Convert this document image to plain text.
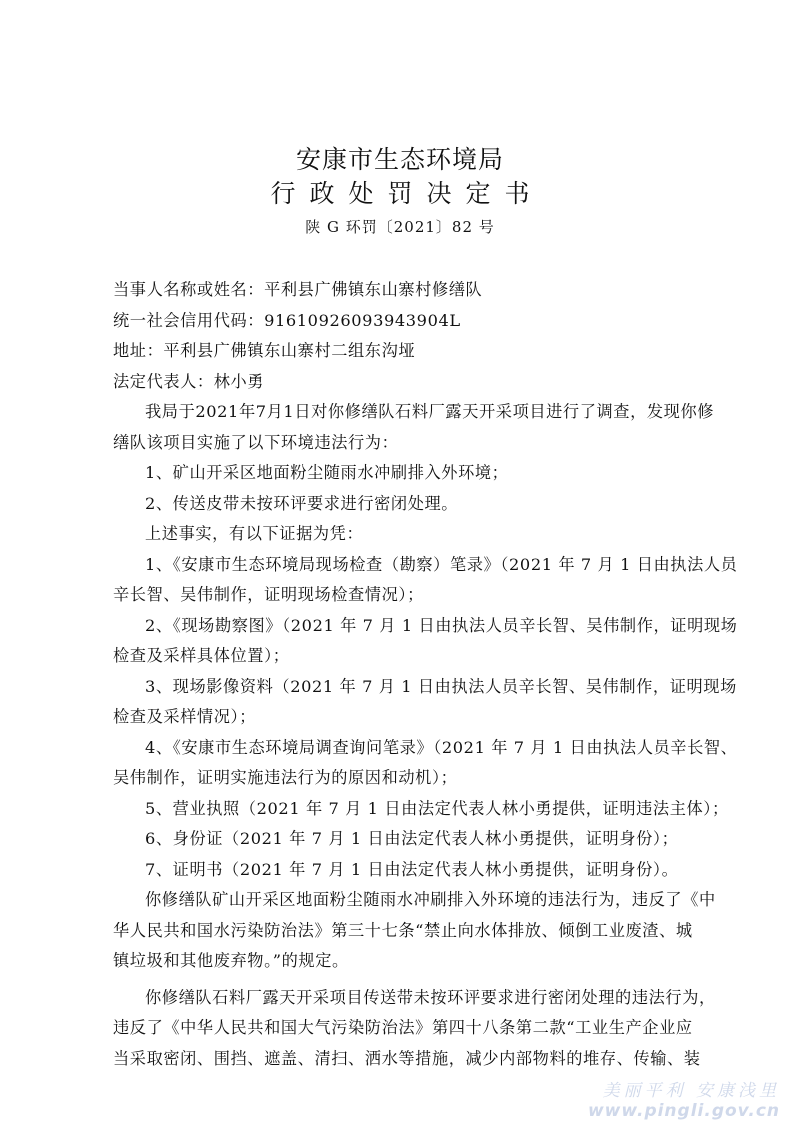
安康市生态环境局
行政处罚决定书
陕 G 环罚〔2021〕82 号
当事人名称或姓名：平利县广佛镇东山寨村修缮队
统一社会信用代码：91610926093943904L
地址：平利县广佛镇东山寨村二组东沟垭
法定代表人：林小勇
我局于2021年7月1日对你修缮队石料厂露天开采项目进行了调查，发现你修
缮队该项目实施了以下环境违法行为：
1、矿山开采区地面粉尘随雨水冲刷排入外环境；
2、传送皮带未按环评要求进行密闭处理。
上述事实，有以下证据为凭：
1、《安康市生态环境局现场检查（勘察）笔录》（2021 年 7 月 1 日由执法人员
辛长智、吴伟制作，证明现场检查情况）；
2、《现场勘察图》（2021 年 7 月 1 日由执法人员辛长智、吴伟制作，证明现场
检查及采样具体位置）；
3、现场影像资料（2021 年 7 月 1 日由执法人员辛长智、吴伟制作，证明现场
检查及采样情况）；
4、《安康市生态环境局调查询问笔录》（2021 年 7 月 1 日由执法人员辛长智、
吴伟制作，证明实施违法行为的原因和动机）；
5、营业执照（2021 年 7 月 1 日由法定代表人林小勇提供，证明违法主体）；
6、身份证（2021 年 7 月 1 日由法定代表人林小勇提供，证明身份）；
7、证明书（2021 年 7 月 1 日由法定代表人林小勇提供，证明身份）。
你修缮队矿山开采区地面粉尘随雨水冲刷排入外环境的违法行为，违反了《中
华人民共和国水污染防治法》第三十七条“禁止向水体排放、倾倒工业废渣、城
镇垃圾和其他废弃物。”的规定。
你修缮队石料厂露天开采项目传送带未按环评要求进行密闭处理的违法行为，
违反了《中华人民共和国大气污染防治法》第四十八条第二款“工业生产企业应
当采取密闭、围挡、遮盖、清扫、洒水等措施，减少内部物料的堆存、传输、装
美丽平利 安康浅里
www.pingli.gov.cn
